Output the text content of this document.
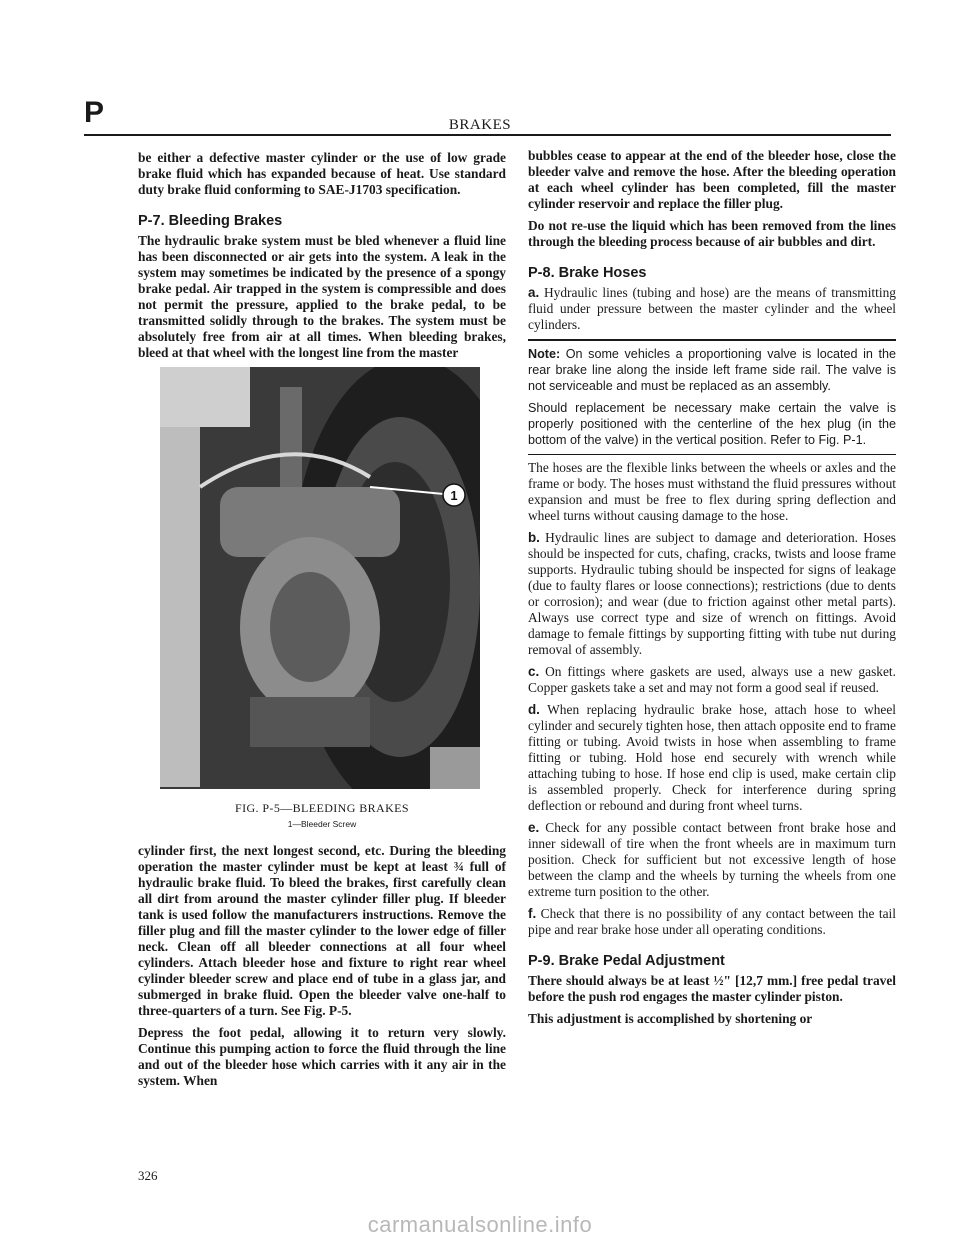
P	BRAKES

be either a defective master cylinder or the use of low grade brake fluid which has expanded because of heat. Use standard duty brake fluid conforming to SAE-J1703 specification.

P-7. Bleeding Brakes

The hydraulic brake system must be bled whenever a fluid line has been disconnected or air gets into the system. A leak in the system may sometimes be indicated by the presence of a spongy brake pedal. Air trapped in the system is compressible and does not permit the pressure, applied to the brake pedal, to be transmitted solidly through to the brakes. The system must be absolutely free from air at all times. When bleeding brakes, bleed at that wheel with the longest line from the master

1
FIG. P-5—BLEEDING BRAKES
1—Bleeder Screw

cylinder first, the next longest second, etc. During the bleeding operation the master cylinder must be kept at least ¾ full of hydraulic brake fluid. To bleed the brakes, first carefully clean all dirt from around the master cylinder filler plug. If bleeder tank is used follow the manufacturers instructions. Remove the filler plug and fill the master cylinder to the lower edge of filler neck. Clean off all bleeder connections at all four wheel cylinders. Attach bleeder hose and fixture to right rear wheel cylinder bleeder screw and place end of tube in a glass jar, and submerged in brake fluid. Open the bleeder valve one-half to three-quarters of a turn. See Fig. P-5.

Depress the foot pedal, allowing it to return very slowly. Continue this pumping action to force the fluid through the line and out of the bleeder hose which carries with it any air in the system. When

bubbles cease to appear at the end of the bleeder hose, close the bleeder valve and remove the hose. After the bleeding operation at each wheel cylinder has been completed, fill the master cylinder reservoir and replace the filler plug.

Do not re-use the liquid which has been removed from the lines through the bleeding process because of air bubbles and dirt.

P-8. Brake Hoses

a. Hydraulic lines (tubing and hose) are the means of transmitting fluid under pressure between the master cylinder and the wheel cylinders.

Note: On some vehicles a proportioning valve is located in the rear brake line along the inside left frame side rail. The valve is not serviceable and must be replaced as an assembly.

Should replacement be necessary make certain the valve is properly positioned with the centerline of the hex plug (in the bottom of the valve) in the vertical position. Refer to Fig. P-1.

The hoses are the flexible links between the wheels or axles and the frame or body. The hoses must withstand the fluid pressures without expansion and must be free to flex during spring deflection and wheel turns without causing damage to the hose.

b. Hydraulic lines are subject to damage and deterioration. Hoses should be inspected for cuts, chafing, cracks, twists and loose frame supports. Hydraulic tubing should be inspected for signs of leakage (due to faulty flares or loose connections); restrictions (due to dents or corrosion); and wear (due to friction against other metal parts). Always use correct type and size of wrench on fittings. Avoid damage to female fittings by supporting fitting with tube nut during removal of assembly.

c. On fittings where gaskets are used, always use a new gasket. Copper gaskets take a set and may not form a good seal if reused.

d. When replacing hydraulic brake hose, attach hose to wheel cylinder and securely tighten hose, then attach opposite end to frame fitting or tubing. Avoid twists in hose when assembling to frame fitting or tubing. Hold hose end securely with wrench while attaching tubing to hose. If hose end clip is used, make certain clip is assembled properly. Check for interference during spring deflection or rebound and during front wheel turns.

e. Check for any possible contact between front brake hose and inner sidewall of tire when the front wheels are in maximum turn position. Check for sufficient but not excessive length of hose between the clamp and the wheels by turning the wheels from one extreme turn position to the other.

f. Check that there is no possibility of any contact between the tail pipe and rear brake hose under all operating conditions.

P-9. Brake Pedal Adjustment

There should always be at least ½" [12,7 mm.] free pedal travel before the push rod engages the master cylinder piston.

This adjustment is accomplished by shortening or

326
carmanualsonline.info
